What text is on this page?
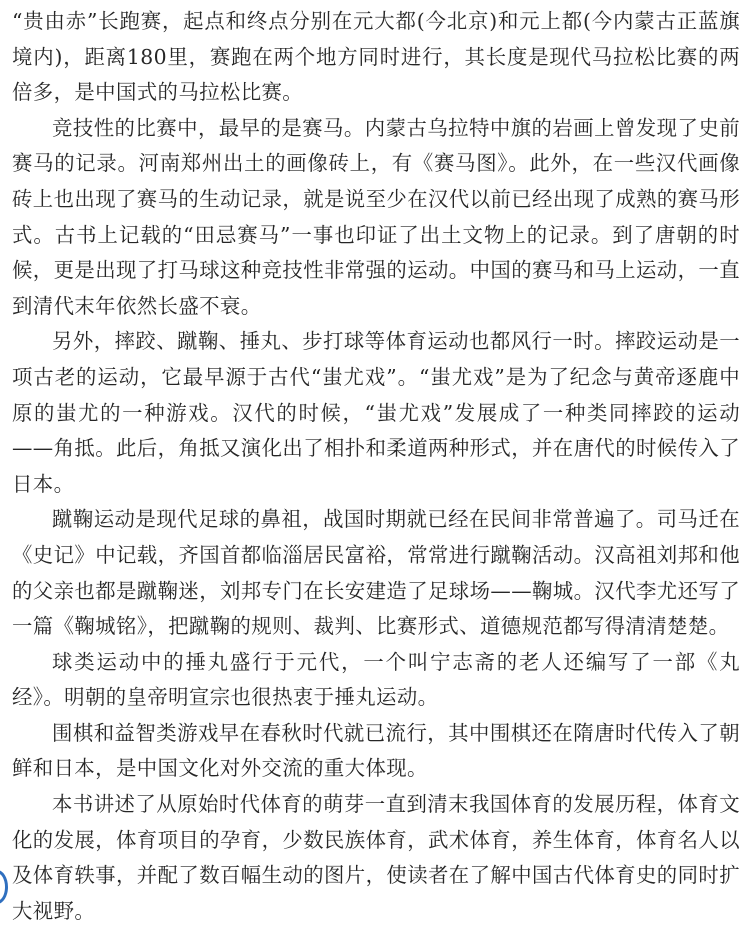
“贵由赤”长跑赛，起点和终点分别在元大都(今北京)和元上都(今内蒙古正蓝旗境内)，距离180里，赛跑在两个地方同时进行，其长度是现代马拉松比赛的两倍多，是中国式的马拉松比赛。

竞技性的比赛中，最早的是赛马。内蒙古乌拉特中旗的岩画上曾发现了史前赛马的记录。河南郑州出土的画像砖上，有《赛马图》。此外，在一些汉代画像砖上也出现了赛马的生动记录，就是说至少在汉代以前已经出现了成熟的赛马形式。古书上记载的“田忌赛马”一事也印证了出土文物上的记录。到了唐朝的时候，更是出现了打马球这种竞技性非常强的运动。中国的赛马和马上运动，一直到清代末年依然长盛不衰。

另外，摔跤、蹴鞠、捶丸、步打球等体育运动也都风行一时。摔跤运动是一项古老的运动，它最早源于古代“蚩尤戏”。“蚩尤戏”是为了纪念与黄帝逐鹿中原的蚩尤的一种游戏。汉代的时候，“蚩尤戏”发展成了一种类同摔跤的运动——角抵。此后，角抵又演化出了相扑和柔道两种形式，并在唐代的时候传入了日本。

蹴鞠运动是现代足球的鼻祖，战国时期就已经在民间非常普遍了。司马迁在《史记》中记载，齐国首都临淄居民富裕，常常进行蹴鞠活动。汉高祖刘邦和他的父亲也都是蹴鞠迷，刘邦专门在长安建造了足球场——鞠城。汉代李尤还写了一篇《鞠城铭》，把蹴鞠的规则、裁判、比赛形式、道德规范都写得清清楚楚。

球类运动中的捶丸盛行于元代，一个叫宁志斋的老人还编写了一部《丸经》。明朝的皇帝明宣宗也很热衷于捶丸运动。

围棋和益智类游戏早在春秋时代就已流行，其中围棋还在隋唐时代传入了朝鲜和日本，是中国文化对外交流的重大体现。

本书讲述了从原始时代体育的萌芽一直到清末我国体育的发展历程，体育文化的发展，体育项目的孕育，少数民族体育，武术体育，养生体育，体育名人以及体育轶事，并配了数百幅生动的图片，使读者在了解中国古代体育史的同时扩大视野。
